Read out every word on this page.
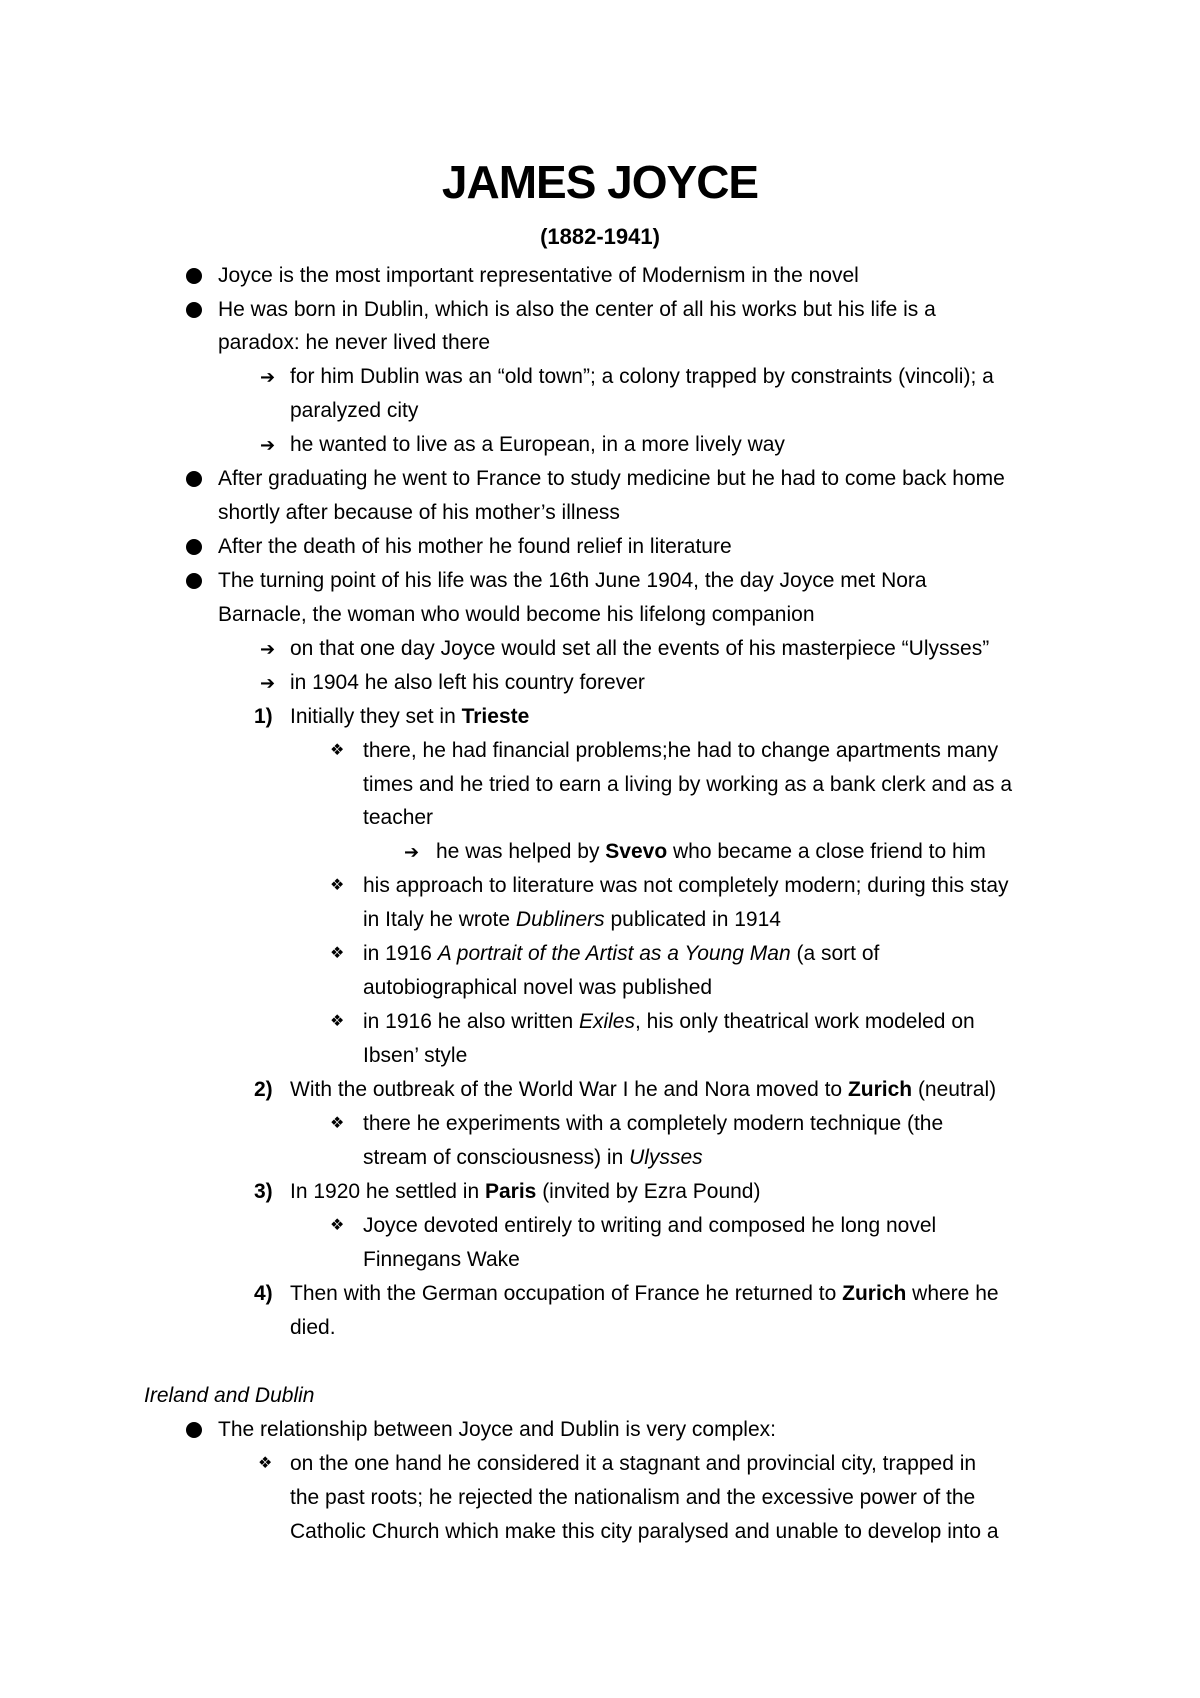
JAMES JOYCE
(1882-1941)
Joyce is the most important representative of Modernism in the novel
He was born in Dublin, which is also the center of all his works but his life is a
paradox: he never lived there
➔ for him Dublin was an “old town”; a colony trapped by constraints (vincoli); a
paralyzed city
➔ he wanted to live as a European, in a more lively way
After graduating he went to France to study medicine but he had to come back home
shortly after because of his mother’s illness
After the death of his mother he found relief in literature
The turning point of his life was the 16th June 1904, the day Joyce met Nora
Barnacle, the woman who would become his lifelong companion
➔ on that one day Joyce would set all the events of his masterpiece “Ulysses”
➔ in 1904 he also left his country forever
1) Initially they set in Trieste
❖ there, he had financial problems;he had to change apartments many
times and he tried to earn a living by working as a bank clerk and as a
teacher
➔ he was helped by Svevo who became a close friend to him
❖ his approach to literature was not completely modern; during this stay
in Italy he wrote Dubliners publicated in 1914
❖ in 1916 A portrait of the Artist as a Young Man (a sort of
autobiographical novel was published
❖ in 1916 he also written Exiles, his only theatrical work modeled on
Ibsen’ style
2) With the outbreak of the World War I he and Nora moved to Zurich (neutral)
❖ there he experiments with a completely modern technique (the
stream of consciousness) in Ulysses
3) In 1920 he settled in Paris (invited by Ezra Pound)
❖ Joyce devoted entirely to writing and composed he long novel
Finnegans Wake
4) Then with the German occupation of France he returned to Zurich where he
died.
Ireland and Dublin
The relationship between Joyce and Dublin is very complex:
❖ on the one hand he considered it a stagnant and provincial city, trapped in
the past roots; he rejected the nationalism and the excessive power of the
Catholic Church which make this city paralysed and unable to develop into a
